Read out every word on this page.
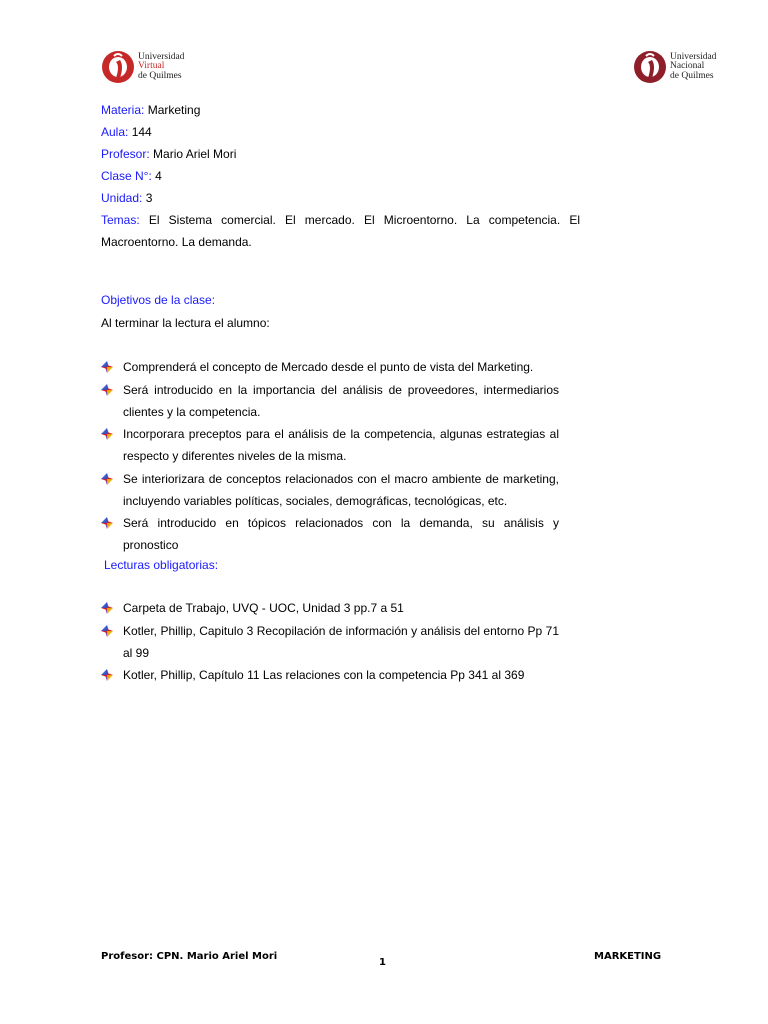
Universidad
Virtual
de Quilmes
Universidad
Nacional
de Quilmes
Materia: Marketing
Aula: 144
Profesor: Mario Ariel Mori
Clase N°: 4
Unidad: 3
Temas: El Sistema comercial. El mercado. El Microentorno. La competencia. El Macroentorno. La demanda.
Objetivos de la clase:
Al terminar la lectura el alumno:
Comprenderá el concepto de Mercado desde el punto de vista del Marketing.
Será introducido en la importancia del análisis de proveedores, intermediarios clientes y la competencia.
Incorporara preceptos para el análisis de la competencia, algunas estrategias al respecto y diferentes niveles de la misma.
Se interiorizara de conceptos relacionados con el macro ambiente de marketing, incluyendo variables políticas, sociales, demográficas, tecnológicas, etc.
Será introducido en tópicos relacionados con la demanda, su análisis y pronostico
Lecturas obligatorias:
Carpeta de Trabajo, UVQ - UOC, Unidad 3 pp.7 a 51
Kotler, Phillip, Capitulo 3 Recopilación de información y análisis del entorno Pp 71 al 99
Kotler, Phillip, Capítulo 11 Las relaciones con la competencia Pp 341 al 369
Profesor: CPN. Mario Ariel Mori
1
MARKETING
